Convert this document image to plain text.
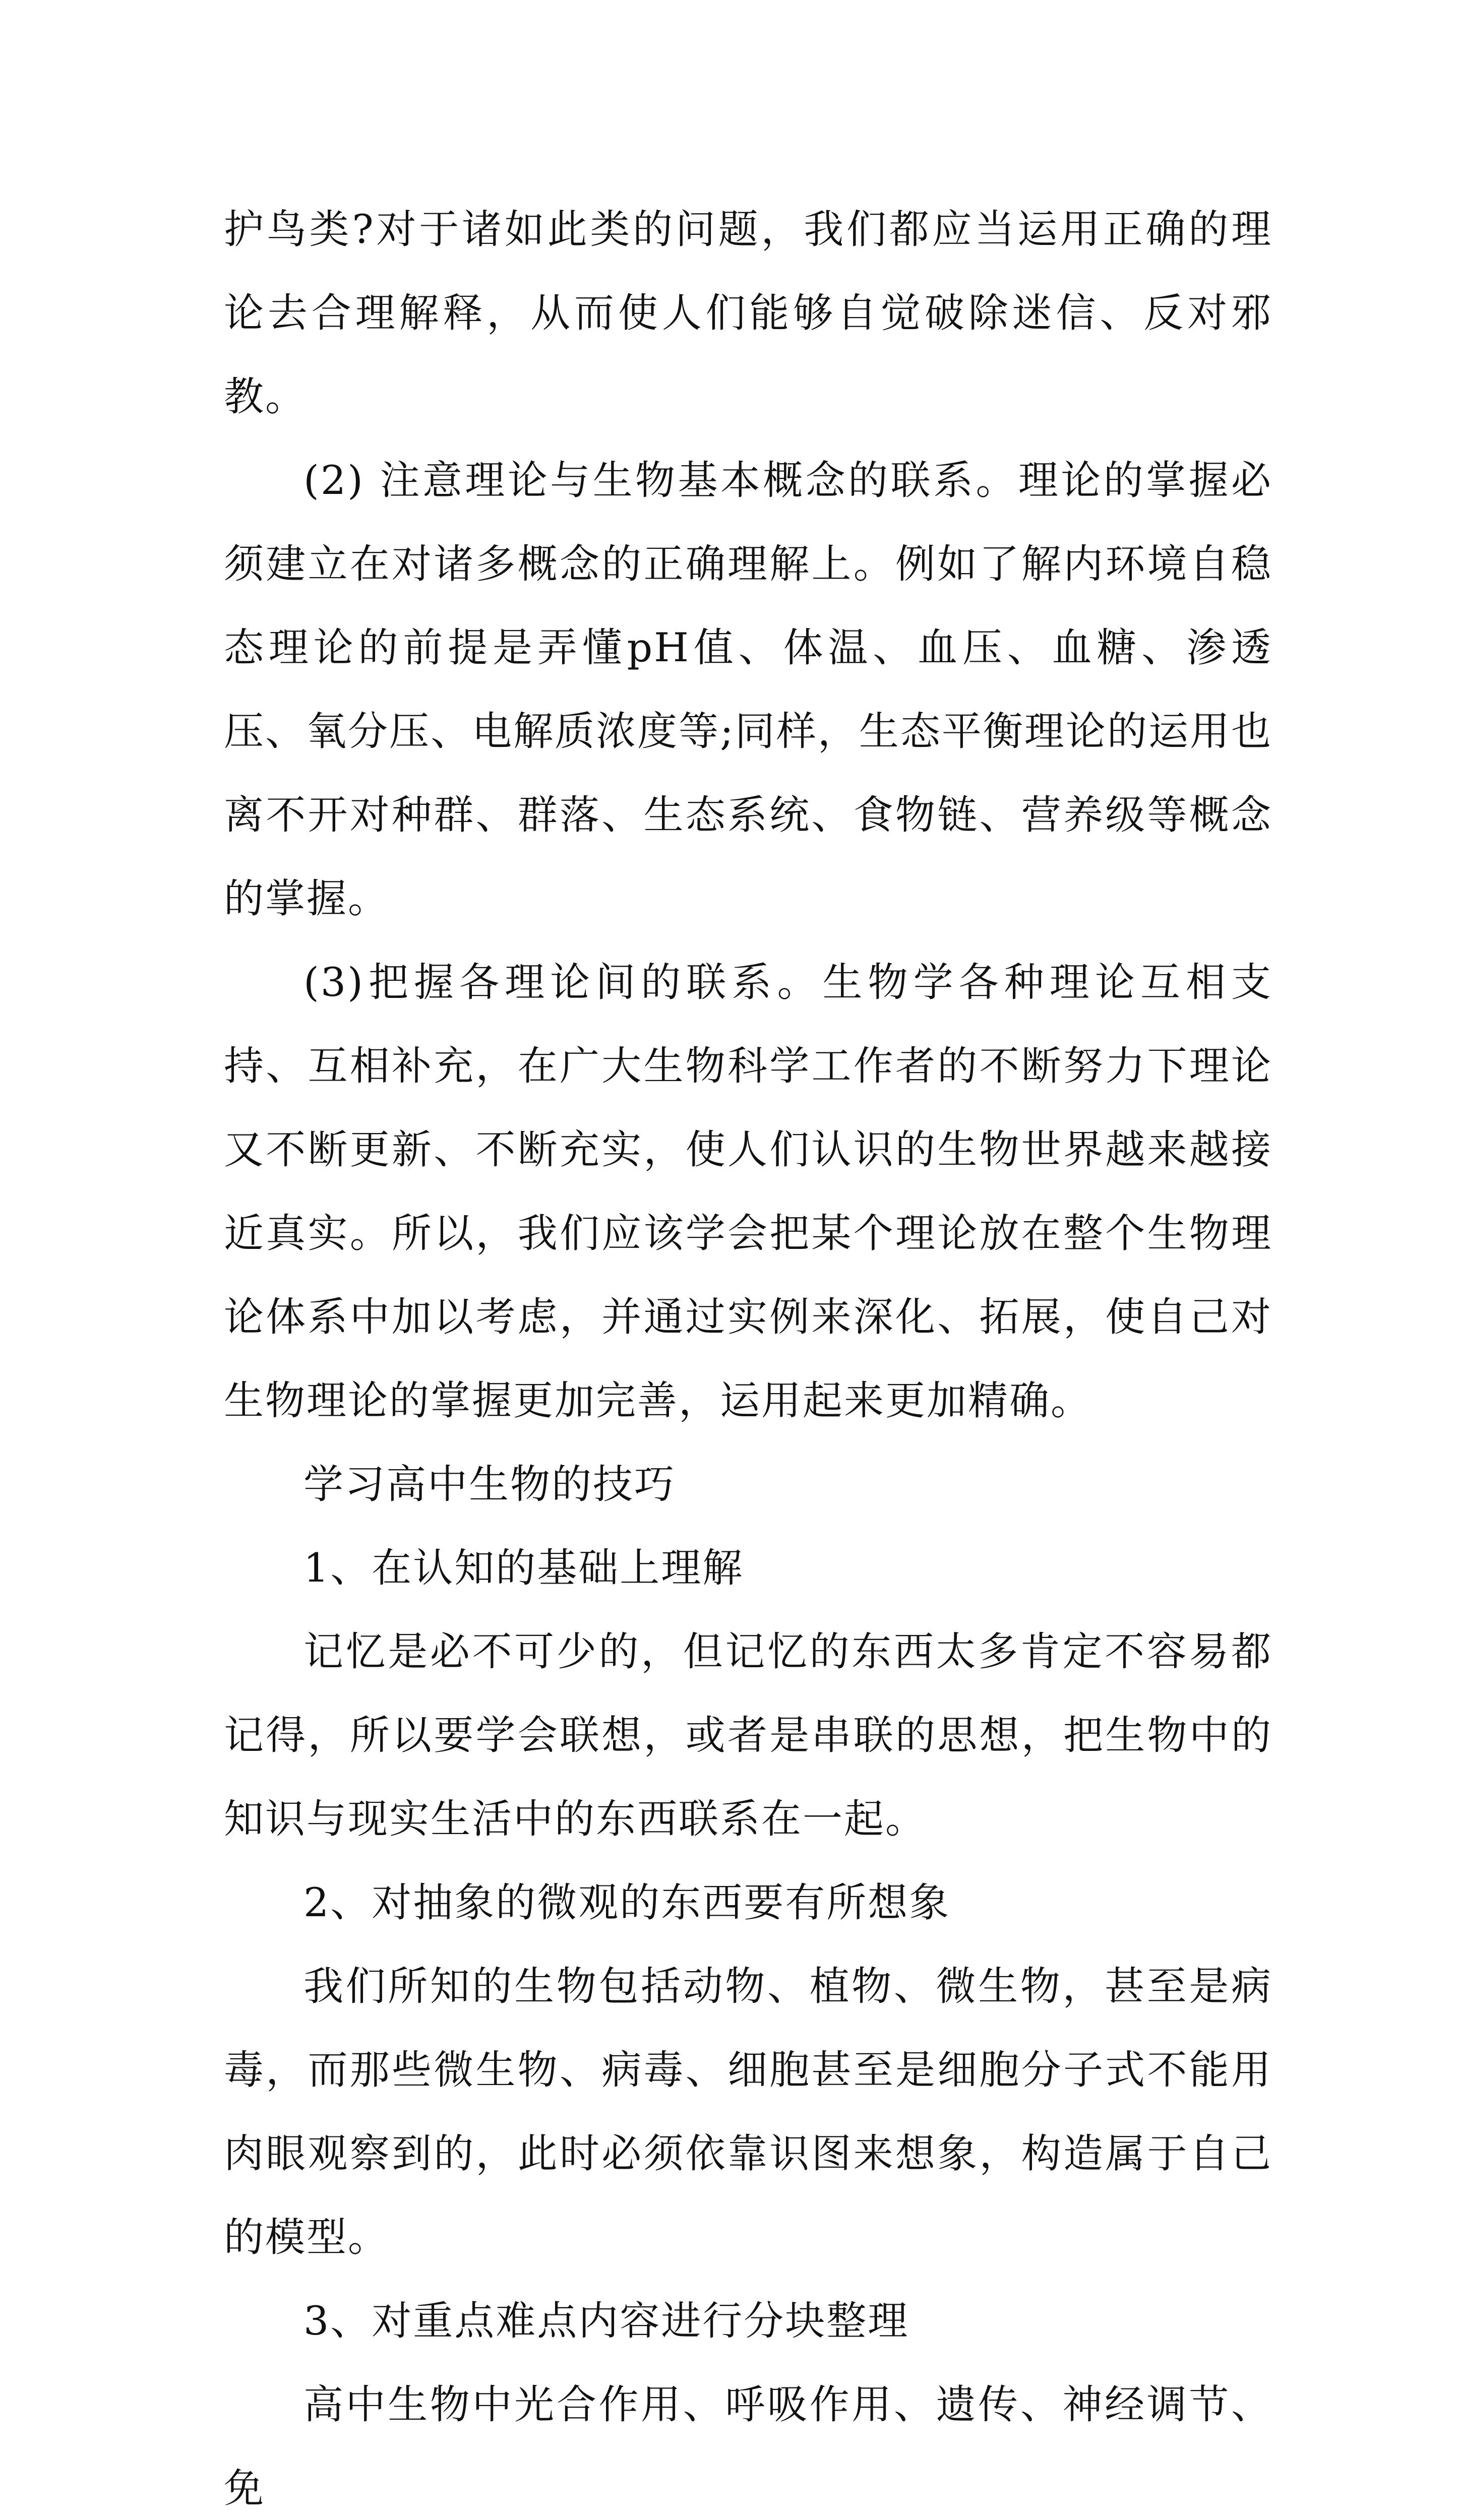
护鸟类?对于诸如此类的问题，我们都应当运用正确的理论去合理解释，从而使人们能够自觉破除迷信、反对邪教。

(2) 注意理论与生物基本概念的联系。理论的掌握必须建立在对诸多概念的正确理解上。例如了解内环境自稳态理论的前提是弄懂pH值、体温、血压、血糖、渗透压、氧分压、电解质浓度等;同样，生态平衡理论的运用也离不开对种群、群落、生态系统、食物链、营养级等概念的掌握。

(3)把握各理论间的联系。生物学各种理论互相支持、互相补充，在广大生物科学工作者的不断努力下理论又不断更新、不断充实，使人们认识的生物世界越来越接近真实。所以，我们应该学会把某个理论放在整个生物理论体系中加以考虑，并通过实例来深化、拓展，使自己对生物理论的掌握更加完善，运用起来更加精确。

学习高中生物的技巧

1、在认知的基础上理解

记忆是必不可少的，但记忆的东西太多肯定不容易都记得，所以要学会联想，或者是串联的思想，把生物中的知识与现实生活中的东西联系在一起。

2、对抽象的微观的东西要有所想象

我们所知的生物包括动物、植物、微生物，甚至是病毒，而那些微生物、病毒、细胞甚至是细胞分子式不能用肉眼观察到的，此时必须依靠识图来想象，构造属于自己的模型。

3、对重点难点内容进行分块整理

高中生物中光合作用、呼吸作用、遗传、神经调节、免
